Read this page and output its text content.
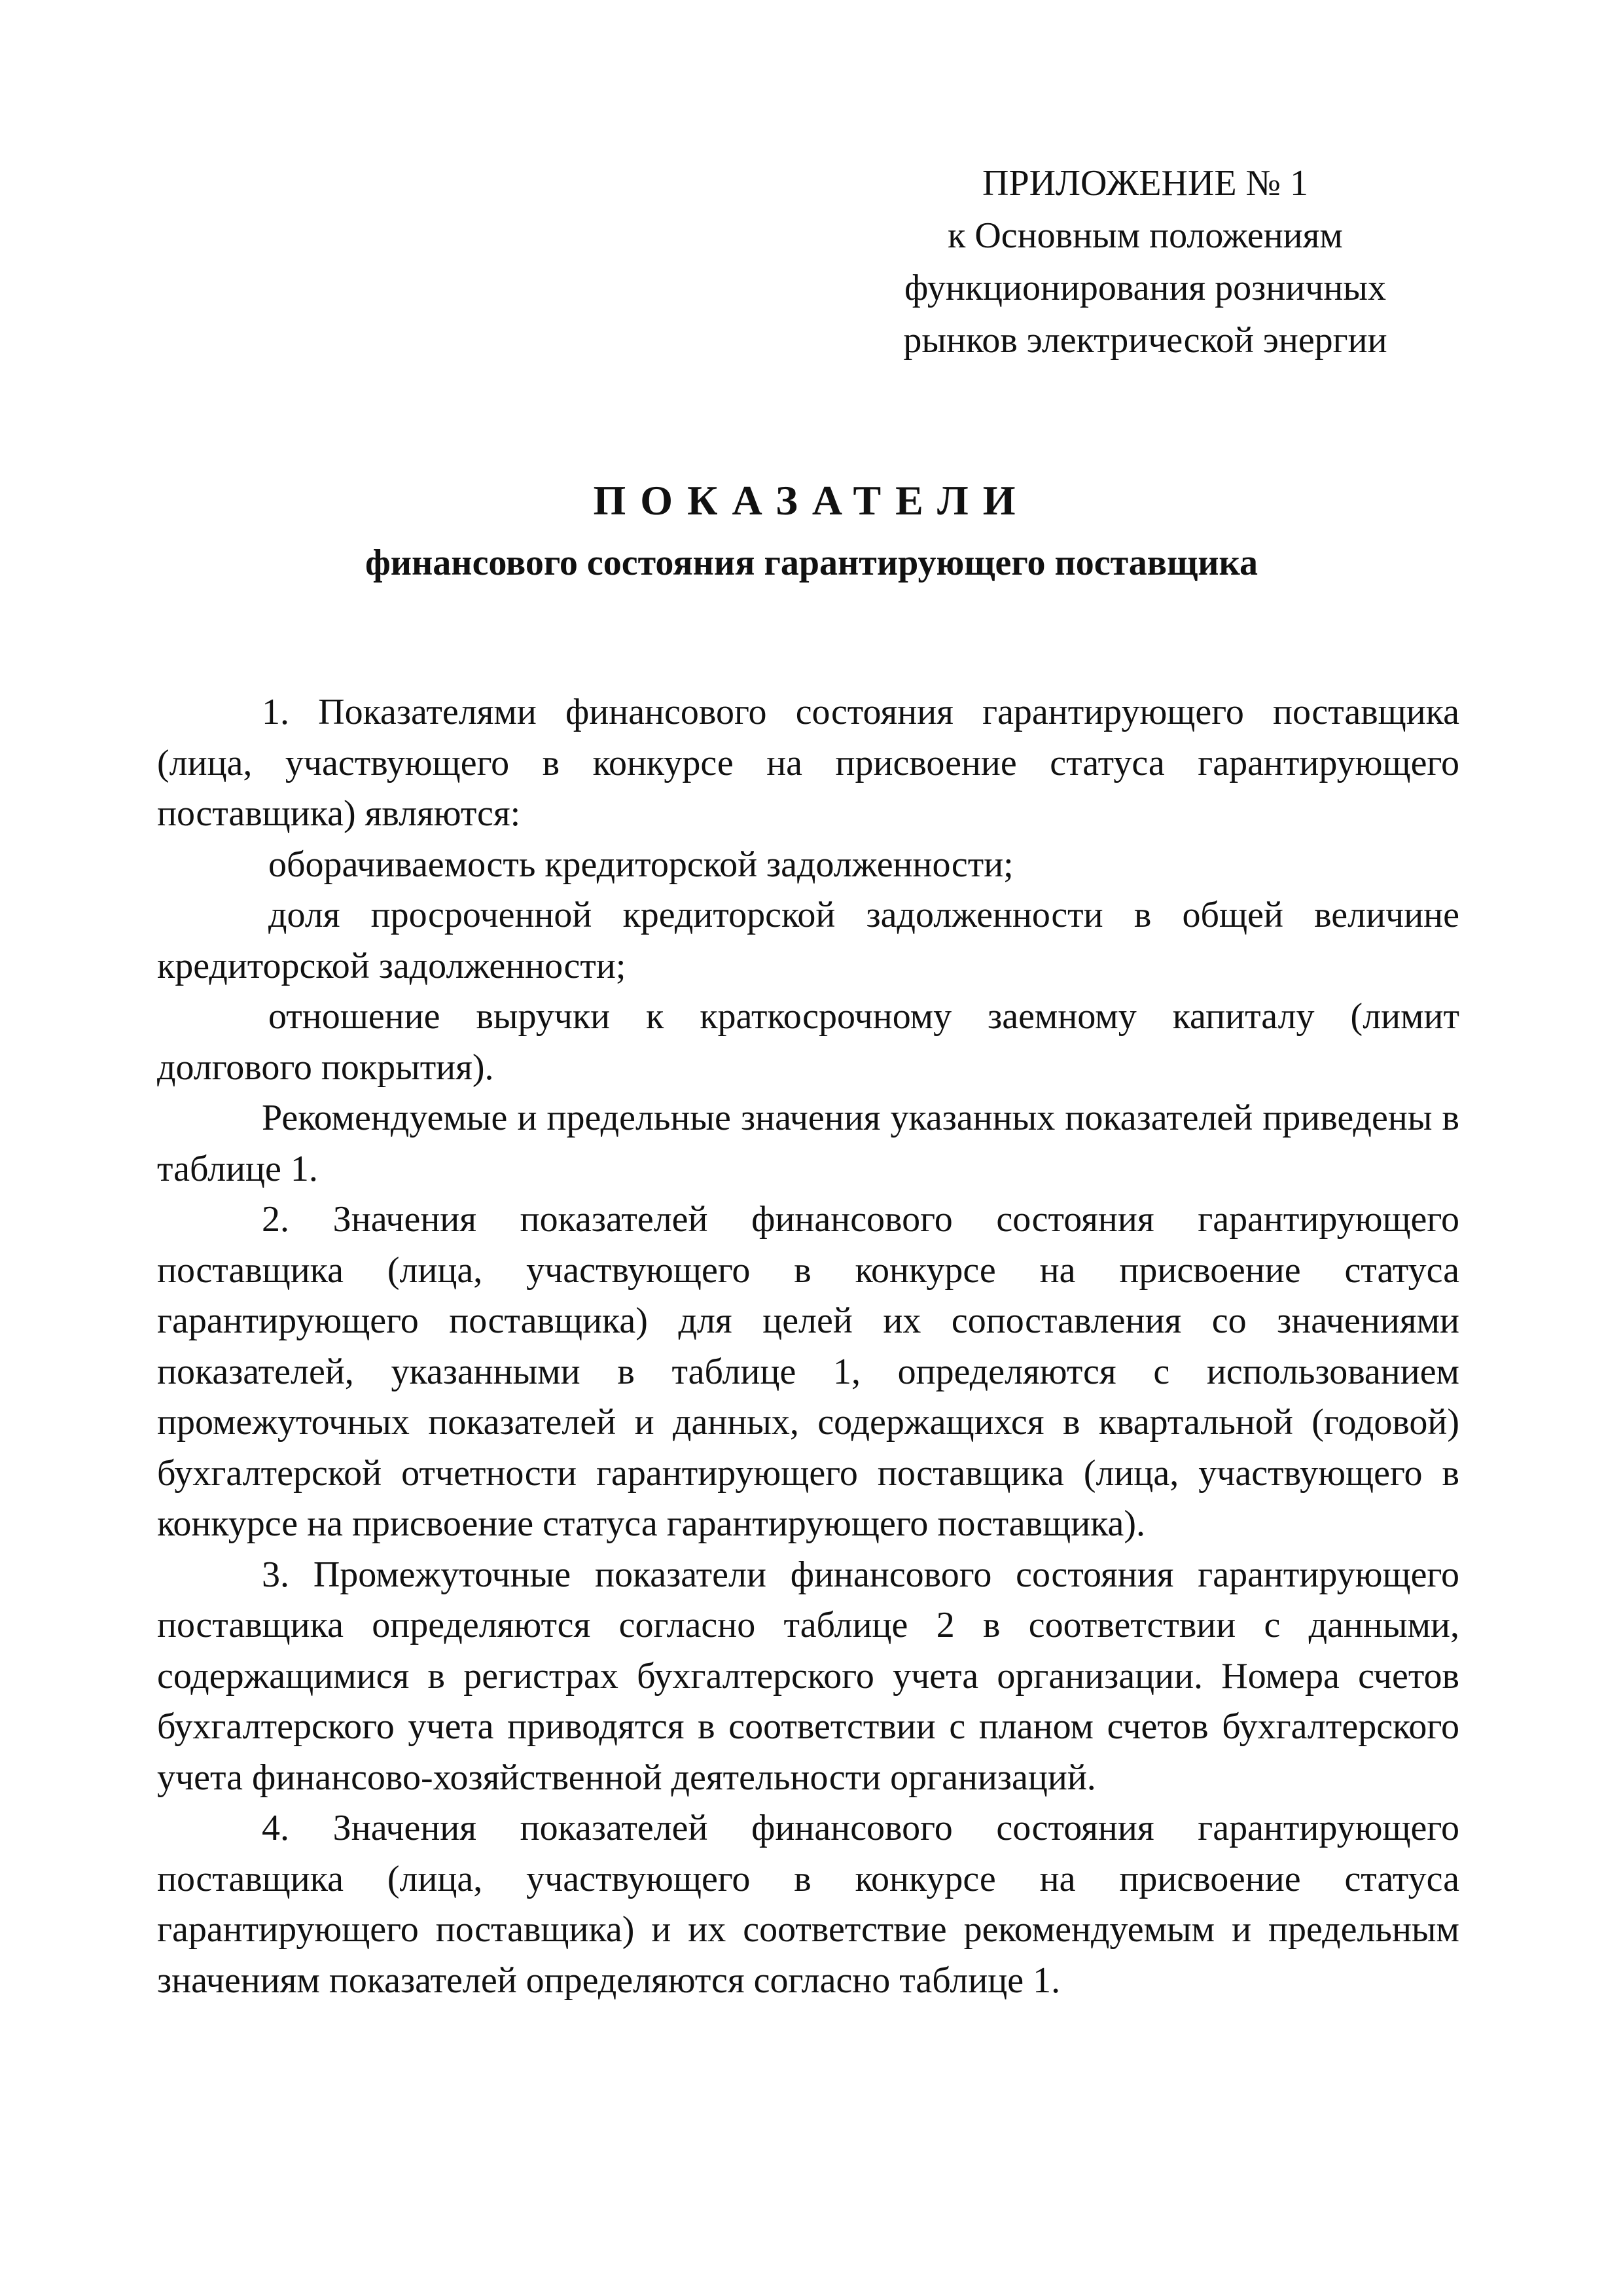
ПРИЛОЖЕНИЕ № 1
к Основным положениям
функционирования розничных
рынков электрической энергии
ПОКАЗАТЕЛИ
финансового состояния гарантирующего поставщика

1. Показателями финансового состояния гарантирующего поставщика (лица, участвующего в конкурсе на присвоение статуса гарантирующего поставщика) являются:

оборачиваемость кредиторской задолженности;

доля просроченной кредиторской задолженности в общей величине кредиторской задолженности;

отношение выручки к краткосрочному заемному капиталу (лимит долгового покрытия).

Рекомендуемые и предельные значения указанных показателей приведены в таблице 1.

2. Значения показателей финансового состояния гарантирующего поставщика (лица, участвующего в конкурсе на присвоение статуса гарантирующего поставщика) для целей их сопоставления со значениями показателей, указанными в таблице 1, определяются с использованием промежуточных показателей и данных, содержащихся в квартальной (годовой) бухгалтерской отчетности гарантирующего поставщика (лица, участвующего в конкурсе на присвоение статуса гарантирующего поставщика).

3. Промежуточные показатели финансового состояния гарантирующего поставщика определяются согласно таблице 2 в соответствии с данными, содержащимися в регистрах бухгалтерского учета организации. Номера счетов бухгалтерского учета приводятся в соответствии с планом счетов бухгалтерского учета финансово-хозяйственной деятельности организаций.

4. Значения показателей финансового состояния гарантирующего поставщика (лица, участвующего в конкурсе на присвоение статуса гарантирующего поставщика) и их соответствие рекомендуемым и предельным значениям показателей определяются согласно таблице 1.
